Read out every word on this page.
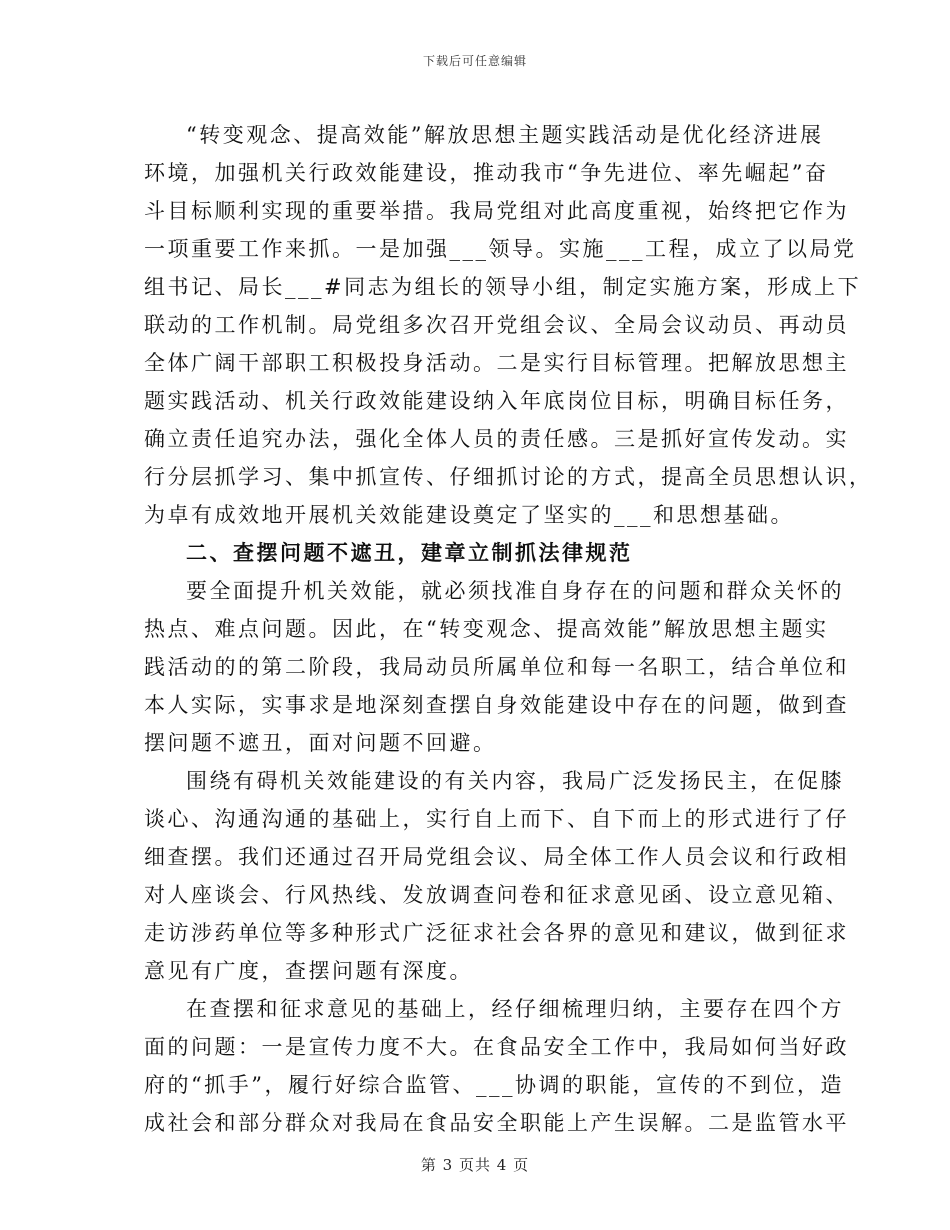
下载后可任意编辑
“转变观念、提高效能”解放思想主题实践活动是优化经济进展
环境，加强机关行政效能建设，推动我市“争先进位、率先崛起”奋
斗目标顺利实现的重要举措。我局党组对此高度重视，始终把它作为
一项重要工作来抓。一是加强___领导。实施___工程，成立了以局党
组书记、局长___#同志为组长的领导小组，制定实施方案，形成上下
联动的工作机制。局党组多次召开党组会议、全局会议动员、再动员
全体广阔干部职工积极投身活动。二是实行目标管理。把解放思想主
题实践活动、机关行政效能建设纳入年底岗位目标，明确目标任务，
确立责任追究办法，强化全体人员的责任感。三是抓好宣传发动。实
行分层抓学习、集中抓宣传、仔细抓讨论的方式，提高全员思想认识，
为卓有成效地开展机关效能建设奠定了坚实的___和思想基础。
二、查摆问题不遮丑，建章立制抓法律规范
要全面提升机关效能，就必须找准自身存在的问题和群众关怀的
热点、难点问题。因此，在“转变观念、提高效能”解放思想主题实
践活动的的第二阶段，我局动员所属单位和每一名职工，结合单位和
本人实际，实事求是地深刻查摆自身效能建设中存在的问题，做到查
摆问题不遮丑，面对问题不回避。
围绕有碍机关效能建设的有关内容，我局广泛发扬民主，在促膝
谈心、沟通沟通的基础上，实行自上而下、自下而上的形式进行了仔
细查摆。我们还通过召开局党组会议、局全体工作人员会议和行政相
对人座谈会、行风热线、发放调查问卷和征求意见函、设立意见箱、
走访涉药单位等多种形式广泛征求社会各界的意见和建议，做到征求
意见有广度，查摆问题有深度。
在查摆和征求意见的基础上，经仔细梳理归纳，主要存在四个方
面的问题：一是宣传力度不大。在食品安全工作中，我局如何当好政
府的“抓手”，履行好综合监管、___协调的职能，宣传的不到位，造
成社会和部分群众对我局在食品安全职能上产生误解。二是监管水平
第 3 页共 4 页
